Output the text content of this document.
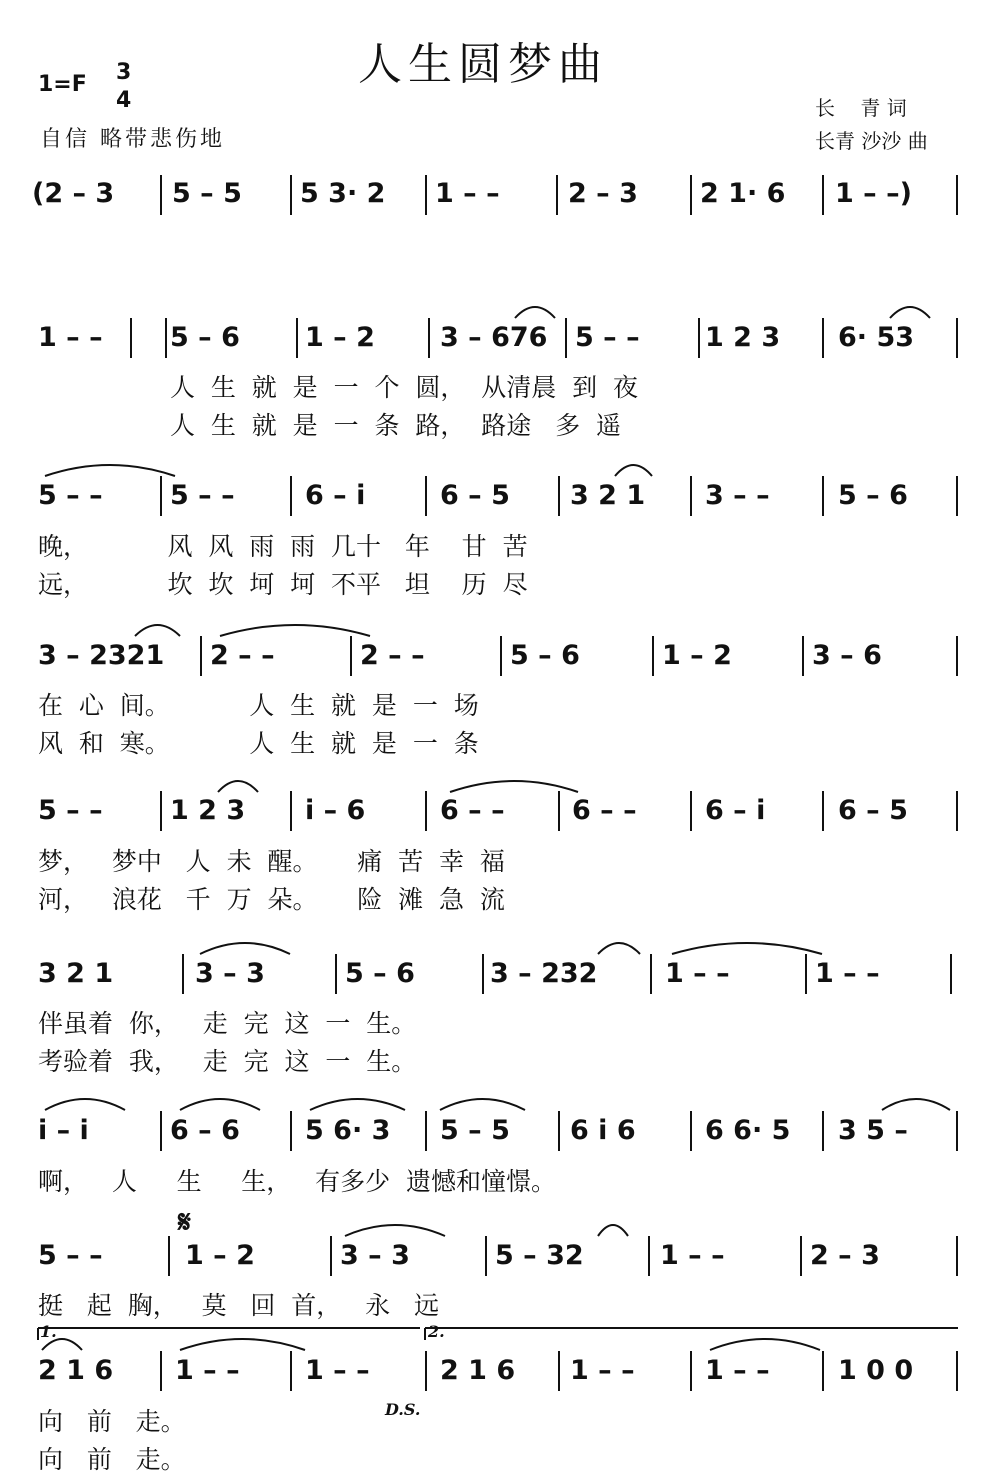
人生圆梦曲
1=F 3
4
自信 略带悲伤地
长    青 词
长青 沙沙 曲
(2 – 3 5 – 5 5 3· 2 1 – –	2 – 3 2 1· 6 1 – –)
1 – – 5 – 6 1 – 2 3 – 676 5 – – 1 2 3 6· 53
人  生  就  是  一  个  圆，  从清晨  到  夜
人  生  就  是  一  条  路，  路途   多  遥
5 – – 5 – –	6 – i	6 – 5 3 2 1 3 – –	5 – 6
晚，          风  风  雨  雨  几十   年    甘  苦
远，          坎  坎  坷  坷  不平   坦    历  尽
3 – 2321 2 – –	2 – –	5 – 6	1 – 2	3 – 6
在  心  间。          人  生  就  是  一  场
风  和  寒。          人  生  就  是  一  条
5 – – 1 2 3 i – 6	6 – – 6 – –	6 – i	6 – 5
梦，   梦中   人  未  醒。     痛  苦  幸  福
河，   浪花   千  万  朵。     险  滩  急  流
3 2 1	3 – 3	5 – 6	3 – 232	1 – –	1 – –
伴虽着  你，   走  完  这  一  生。
考验着  我，   走  完  这  一  生。
i – i	6 – 6 5 6· 3 5 – 5 6 i 6	6 6· 5 3 5 –
啊，   人     生     生，   有多少  遗憾和憧憬。
5 – –	1 – 2	3 – 3	5 – 32	1 – –	2 – 3
挺   起  胸，   莫   回  首，   永   远
2 1 6 1 – – 1 – –	2 1 6 1 – –	1 – –	1 0 0
向   前   走。
向   前   走。
𝄋
1.	2.
D.S.
